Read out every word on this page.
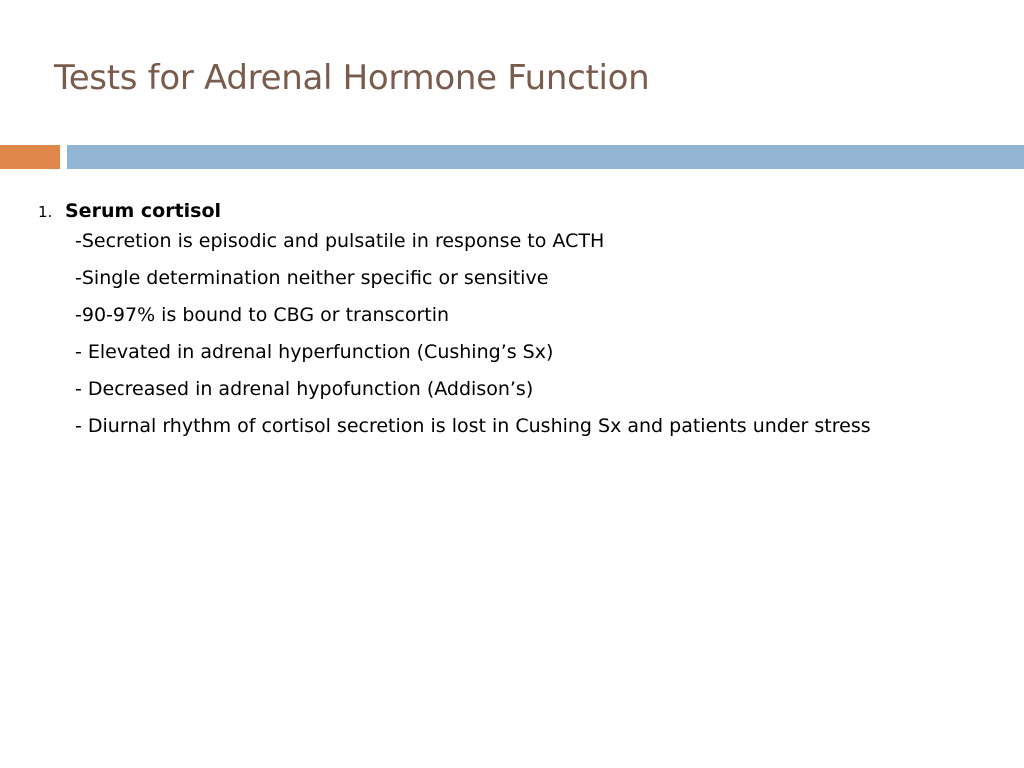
Tests for Adrenal Hormone Function
1. Serum cortisol
-Secretion is episodic and pulsatile in response to ACTH
-Single determination neither specific or sensitive
-90-97% is bound to CBG or transcortin
- Elevated in adrenal hyperfunction (Cushing’s Sx)
- Decreased in adrenal hypofunction (Addison’s)
- Diurnal rhythm of cortisol secretion is lost in Cushing Sx and patients under stress
